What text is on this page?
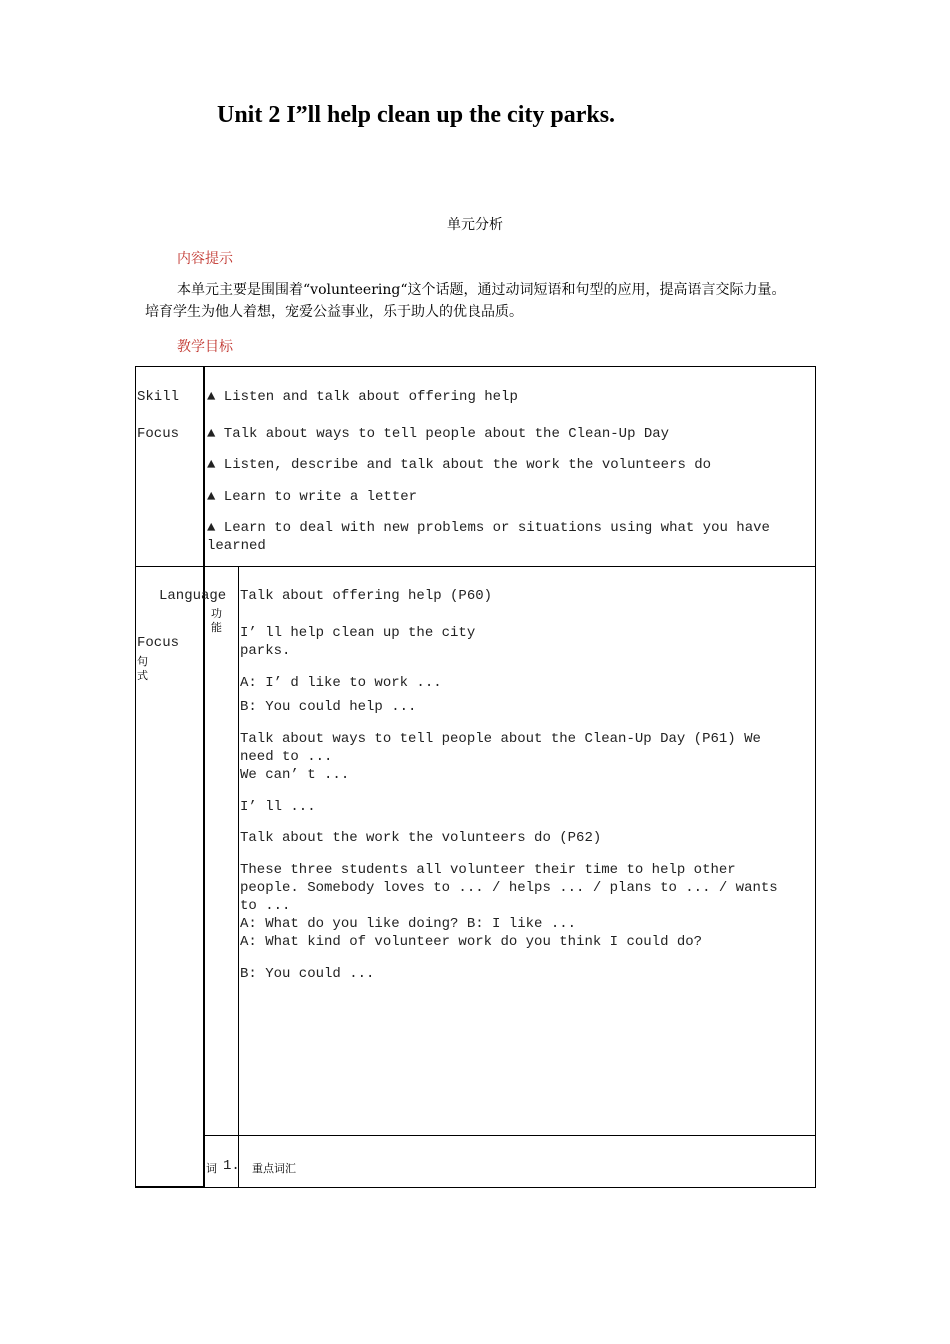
Unit 2 I”ll help clean up the city parks.
单元分析
内容提示
本单元主要是围围着“volunteering“这个话题，通过动词短语和句型的应用，提高语言交际力量。培育学生为他人着想，宠爱公益事业，乐于助人的优良品质。
教学目标
Skill
Focus
▲ Listen and talk about offering help
▲ Talk about ways to tell people about the Clean-Up Day
▲ Listen, describe and talk about the work the volunteers do
▲ Learn to write a letter
▲ Learn to deal with new problems or situations using what you have
learned
Language
Focus
功
能
句
式
Talk about offering help (P60)
I’ ll help clean up the city
parks.
A: I’ d like to work ...
B: You could help ...
Talk about ways to tell people about the Clean-Up Day (P61) We
need to ...
We can’ t ...
I’ ll ...
Talk about the work the volunteers do (P62)
These three students all volunteer their time to help other
people. Somebody loves to ... / helps ... / plans to ... / wants
to ...
A: What do you like doing? B: I like ...
A: What kind of volunteer work do you think I could do?
B: You could ...
词 1. 重点词汇
